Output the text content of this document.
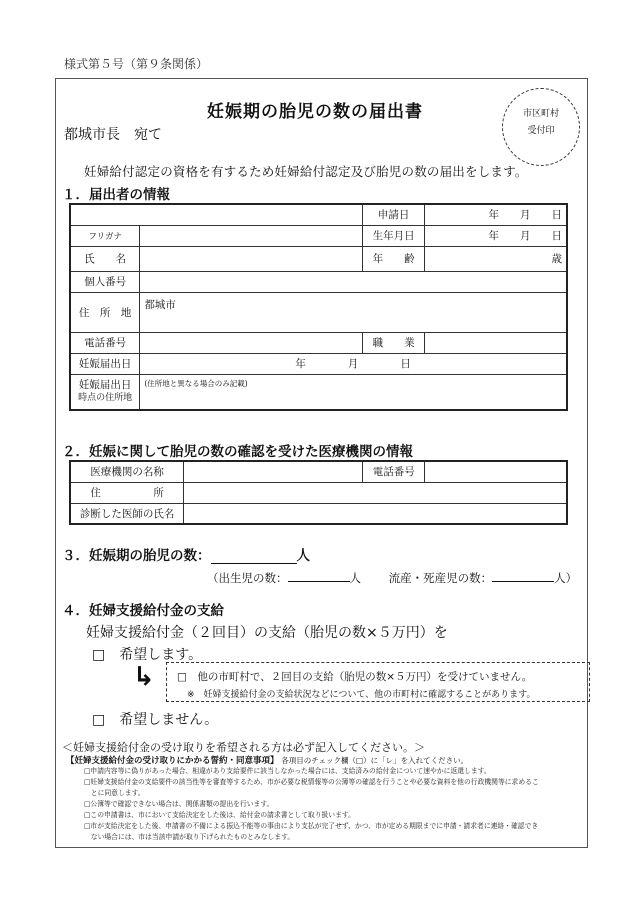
様式第５号（第９条関係）
妊娠期の胎児の数の届出書	市区町村
受付印
都城市長　宛て
妊婦給付認定の資格を有するため妊婦給付認定及び胎児の数の届出をします。
１．届出者の情報
		申請日	年　　月　　日
フリガナ		生年月日	年　　月　　日
氏　　名		年　　齢	歳
個人番号			
住　所　地	都城市		
電話番号		職　　業	
妊娠届出日	年　　　　月　　　　日		

妊娠届出日
時点の住所地	(住所地と異なる場合のみ記載)		
２．妊娠に関して胎児の数の確認を受けた医療機関の情報
医療機関の名称		電話番号	
住　　　　　所			
診断した医師の氏名			
３．妊娠期の胎児の数：	人
（出生児の数：	人 流産・死産児の数：	人）
４．妊婦支援給付金の支給
妊婦支援給付金（２回目）の支給（胎児の数×５万円）を
□　希望します。
↳ □　他の市町村で、２回目の支給（胎児の数×５万円）を受けていません。
※　妊婦支援給付金の支給状況などについて、他の市町村に確認することがあります。
□　希望しません。
＜妊婦支援給付金の受け取りを希望される方は必ず記入してください。＞
【妊婦支援給付金の受け取りにかかる誓約・同意事項】 各項目のチェック欄（□）に「レ」を入れてください。
□申請内容等に偽りがあった場合、相違があり支給要件に該当しなかった場合には、支給済みの給付金について速やかに返還します。
□妊婦支援給付金の支給要件の該当性等を審査等するため、市が必要な税情報等の公簿等の確認を行うことや必要な資料を他の行政機関等に求めるこ
　とに同意します。
□公簿等で確認できない場合は、関係書類の提出を行います。
□この申請書は、市において支給決定をした後は、給付金の請求書として取り扱います。
□市が支給決定をした後、申請書の不備による振込不能等の事由により支払が完了せず、かつ、市が定める期限までに申請・請求者に連絡・確認でき
　ない場合には、市は当該申請が取り下げられたものとみなします。
